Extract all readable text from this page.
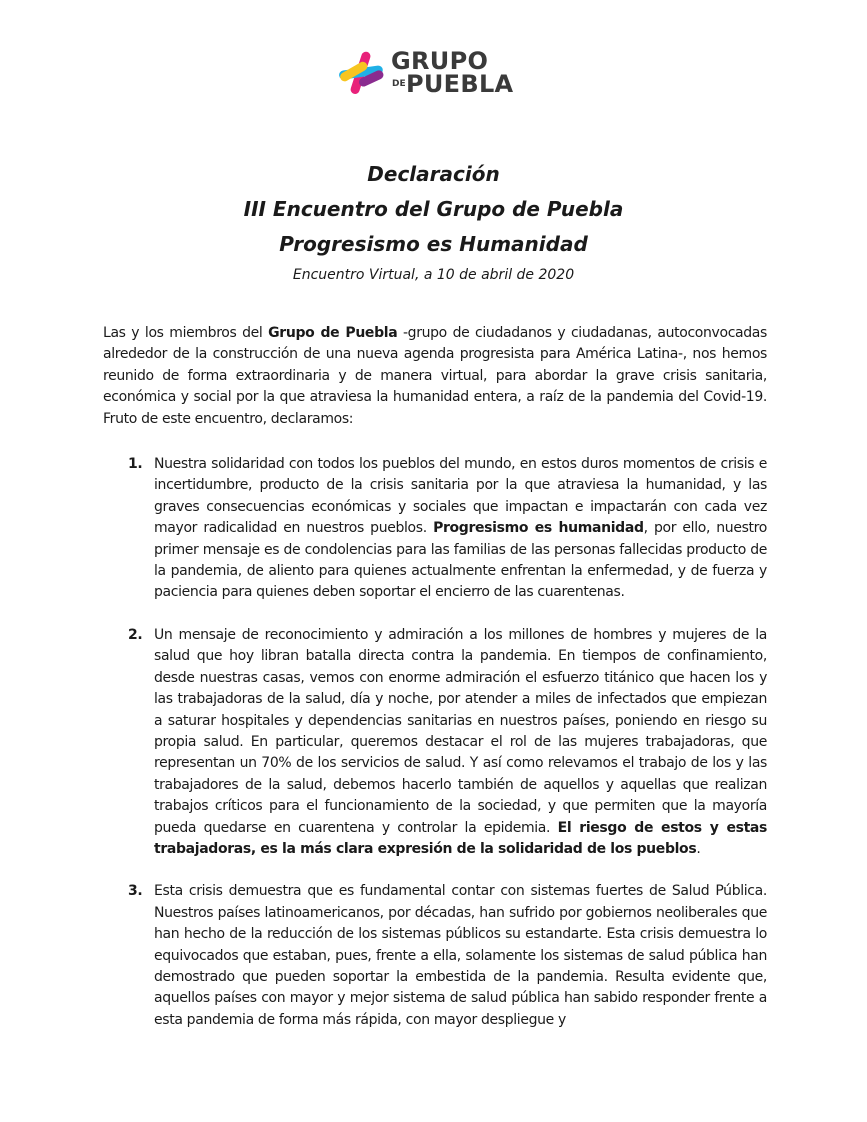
GRUPO
DE PUEBLA

Declaración

III Encuentro del Grupo de Puebla

Progresismo es Humanidad

Encuentro Virtual, a 10 de abril de 2020

Las y los miembros del Grupo de Puebla -grupo de ciudadanos y ciudadanas, autoconvocadas alrededor de la construcción de una nueva agenda progresista para América Latina-, nos hemos reunido de forma extraordinaria y de manera virtual, para abordar la grave crisis sanitaria, económica y social por la que atraviesa la humanidad entera, a raíz de la pandemia del Covid-19. Fruto de este encuentro, declaramos:

1. Nuestra solidaridad con todos los pueblos del mundo, en estos duros momentos de crisis e incertidumbre, producto de la crisis sanitaria por la que atraviesa la humanidad, y las graves consecuencias económicas y sociales que impactan e impactarán con cada vez mayor radicalidad en nuestros pueblos. Progresismo es humanidad, por ello, nuestro primer mensaje es de condolencias para las familias de las personas fallecidas producto de la pandemia, de aliento para quienes actualmente enfrentan la enfermedad, y de fuerza y paciencia para quienes deben soportar el encierro de las cuarentenas.
2. Un mensaje de reconocimiento y admiración a los millones de hombres y mujeres de la salud que hoy libran batalla directa contra la pandemia. En tiempos de confinamiento, desde nuestras casas, vemos con enorme admiración el esfuerzo titánico que hacen los y las trabajadoras de la salud, día y noche, por atender a miles de infectados que empiezan a saturar hospitales y dependencias sanitarias en nuestros países, poniendo en riesgo su propia salud. En particular, queremos destacar el rol de las mujeres trabajadoras, que representan un 70% de los servicios de salud. Y así como relevamos el trabajo de los y las trabajadores de la salud, debemos hacerlo también de aquellos y aquellas que realizan trabajos críticos para el funcionamiento de la sociedad, y que permiten que la mayoría pueda quedarse en cuarentena y controlar la epidemia. El riesgo de estos y estas trabajadoras, es la más clara expresión de la solidaridad de los pueblos.
3. Esta crisis demuestra que es fundamental contar con sistemas fuertes de Salud Pública. Nuestros países latinoamericanos, por décadas, han sufrido por gobiernos neoliberales que han hecho de la reducción de los sistemas públicos su estandarte. Esta crisis demuestra lo equivocados que estaban, pues, frente a ella, solamente los sistemas de salud pública han demostrado que pueden soportar la embestida de la pandemia. Resulta evidente que, aquellos países con mayor y mejor sistema de salud pública han sabido responder frente a esta pandemia de forma más rápida, con mayor despliegue y
